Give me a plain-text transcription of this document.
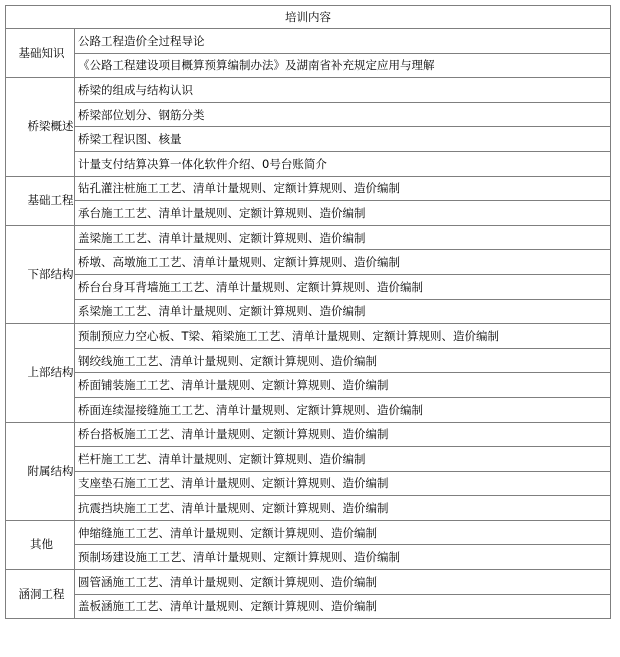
培训内容	
基础知识	公路工程造价全过程导论
	《公路工程建设项目概算预算编制办法》及湖南省补充规定应用与理解
桥梁概述	桥梁的组成与结构认识
	桥梁部位划分、钢筋分类
	桥梁工程识图、核量
	计量支付结算决算一体化软件介绍、0号台账简介
基础工程	钻孔灌注桩施工工艺、清单计量规则、定额计算规则、造价编制
	承台施工工艺、清单计量规则、定额计算规则、造价编制
下部结构	盖梁施工工艺、清单计量规则、定额计算规则、造价编制
	桥墩、高墩施工工艺、清单计量规则、定额计算规则、造价编制
	桥台台身耳背墙施工工艺、清单计量规则、定额计算规则、造价编制
	系梁施工工艺、清单计量规则、定额计算规则、造价编制
上部结构	预制预应力空心板、T梁、箱梁施工工艺、清单计量规则、定额计算规则、造价编制
	钢绞线施工工艺、清单计量规则、定额计算规则、造价编制
	桥面铺装施工工艺、清单计量规则、定额计算规则、造价编制
	桥面连续湿接缝施工工艺、清单计量规则、定额计算规则、造价编制
附属结构	桥台搭板施工工艺、清单计量规则、定额计算规则、造价编制
	栏杆施工工艺、清单计量规则、定额计算规则、造价编制
	支座垫石施工工艺、清单计量规则、定额计算规则、造价编制
	抗震挡块施工工艺、清单计量规则、定额计算规则、造价编制
其他	伸缩缝施工工艺、清单计量规则、定额计算规则、造价编制
	预制场建设施工工艺、清单计量规则、定额计算规则、造价编制
涵洞工程	圆管涵施工工艺、清单计量规则、定额计算规则、造价编制
	盖板涵施工工艺、清单计量规则、定额计算规则、造价编制
